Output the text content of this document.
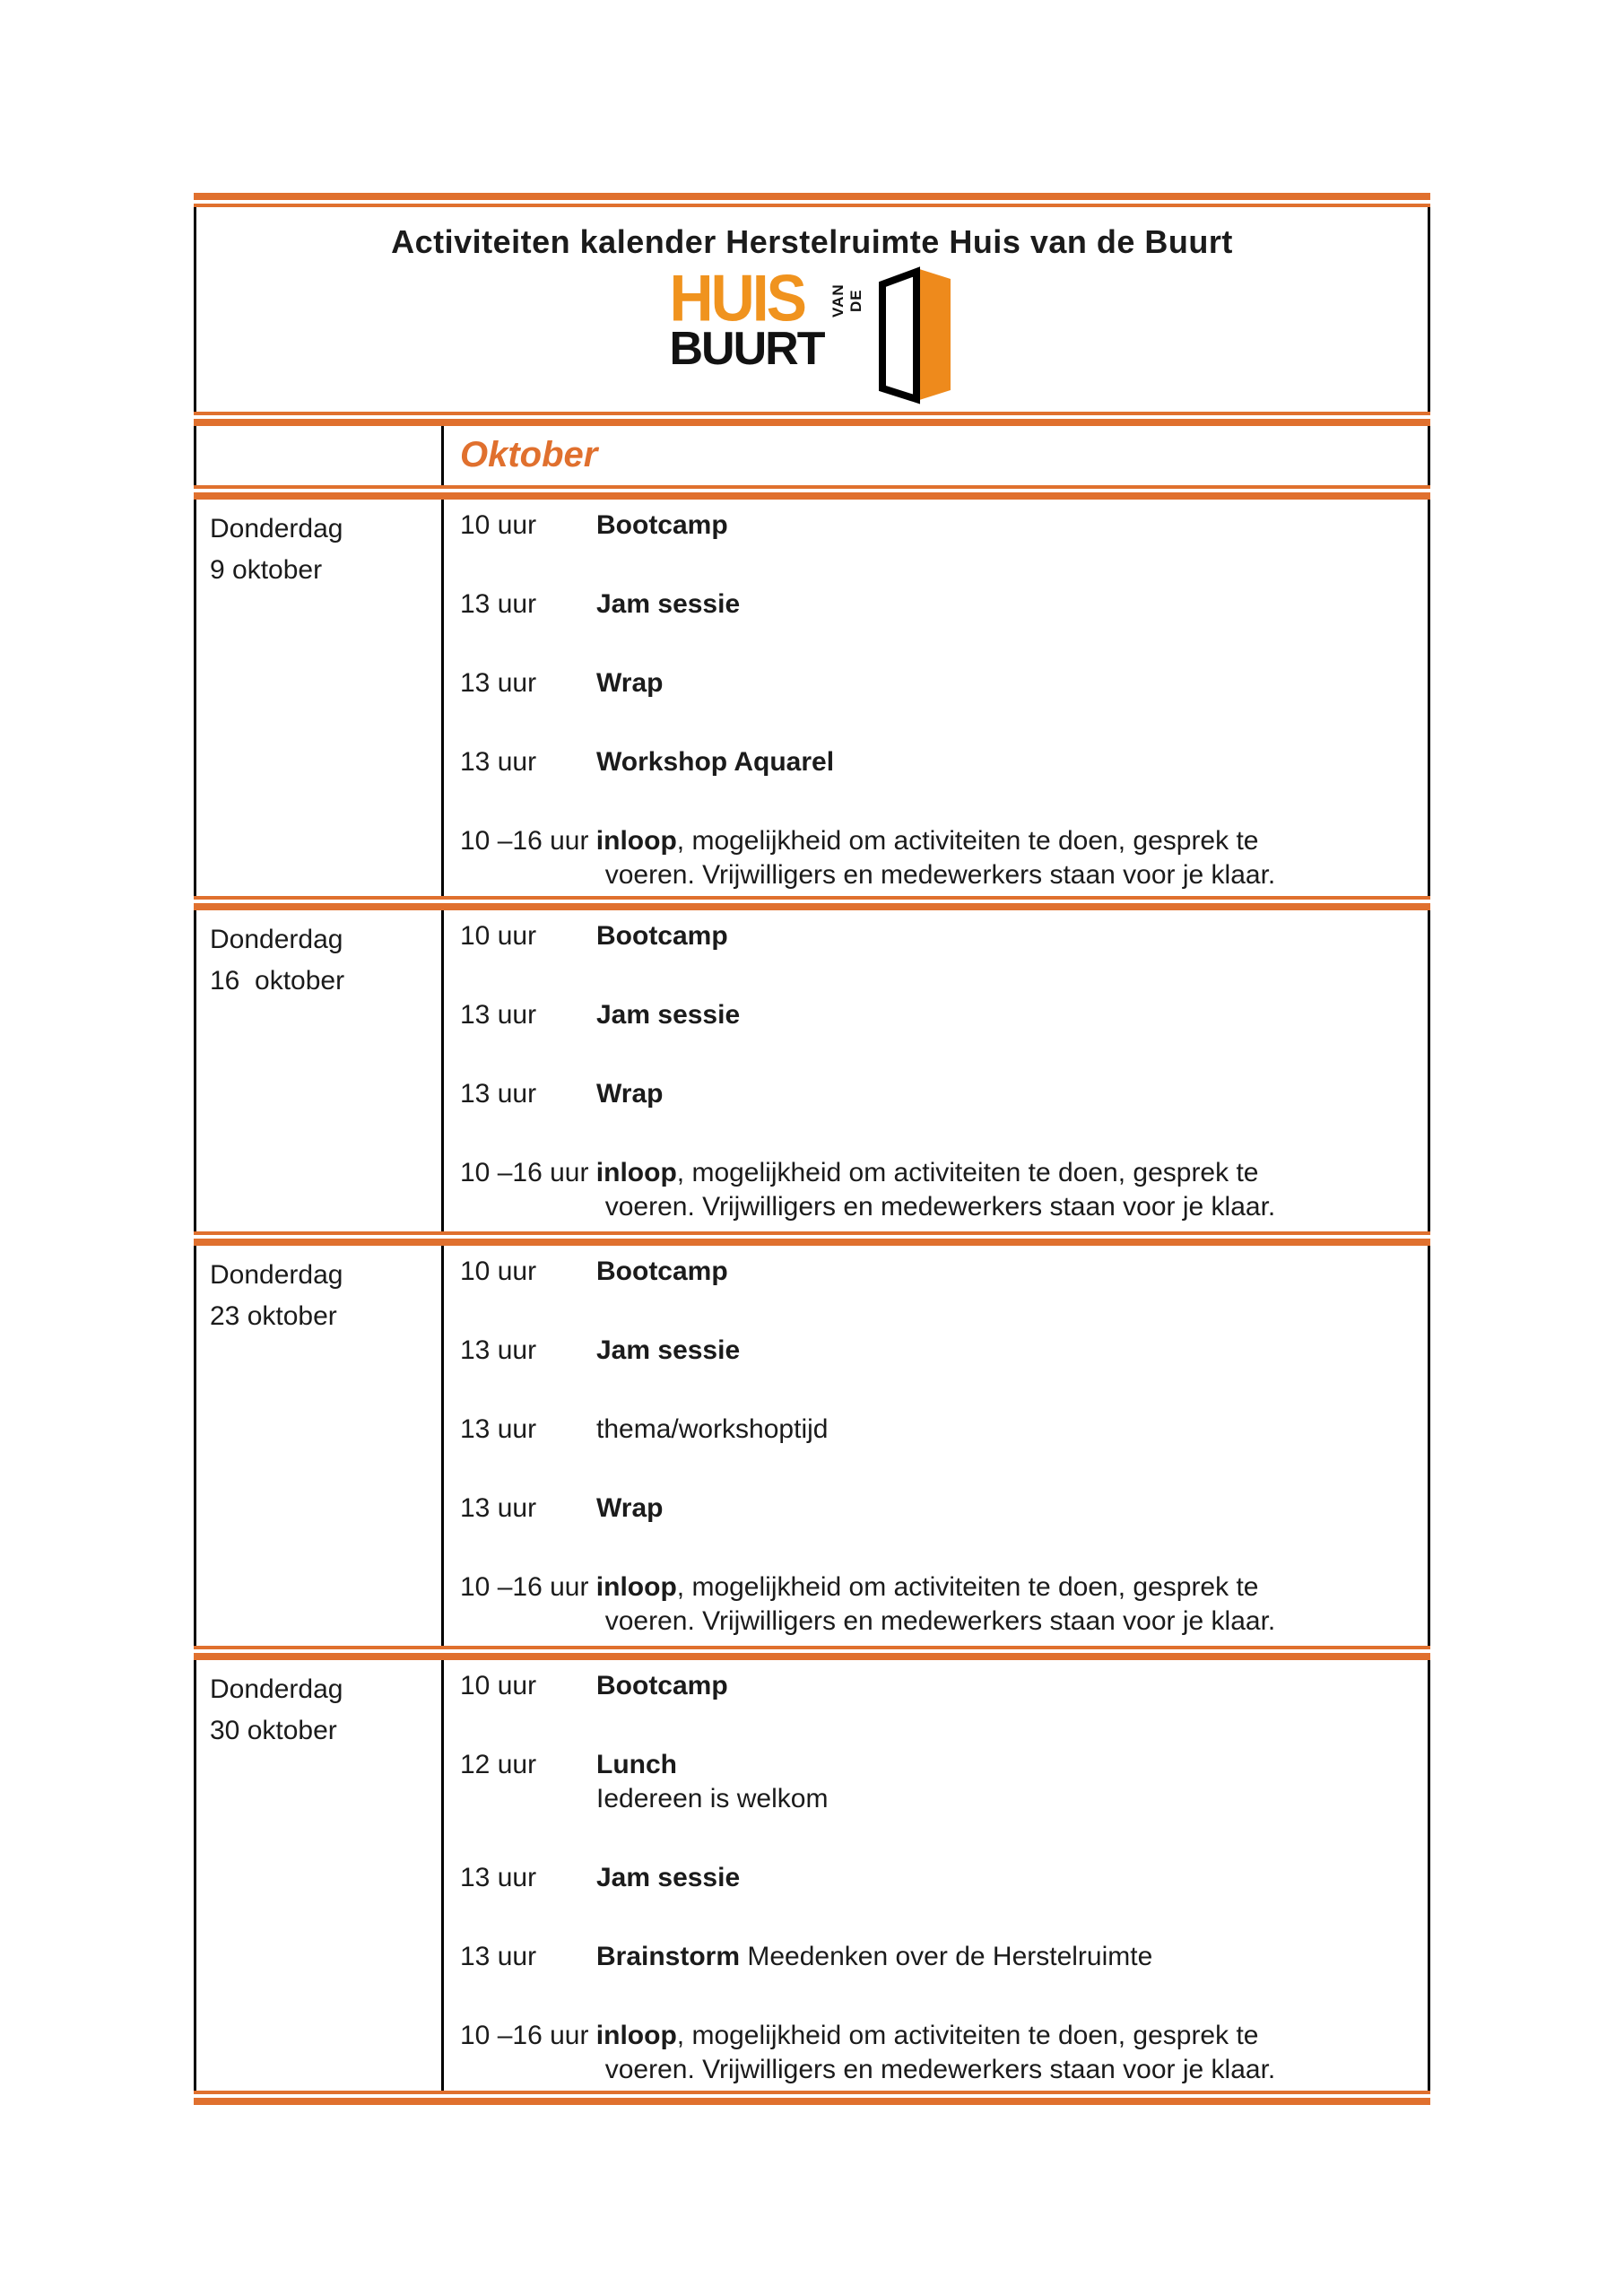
Activiteiten kalender Herstelruimte Huis van de Buurt
HUIS
BUURT
VAN DE
Oktober
Donderdag
9 oktober
10 uur	Bootcamp
13 uur	Jam sessie
13 uur	Wrap
13 uur	Workshop Aquarel
10 –16 uur inloop, mogelijkheid om activiteiten te doen, gesprek te
voeren. Vrijwilligers en medewerkers staan voor je klaar.
Donderdag
16  oktober
10 uur	Bootcamp
13 uur	Jam sessie
13 uur	Wrap
10 –16 uur inloop, mogelijkheid om activiteiten te doen, gesprek te
voeren. Vrijwilligers en medewerkers staan voor je klaar.
Donderdag
23 oktober
10 uur	Bootcamp
13 uur	Jam sessie
13 uur	thema/workshoptijd
13 uur	Wrap
10 –16 uur inloop, mogelijkheid om activiteiten te doen, gesprek te
voeren. Vrijwilligers en medewerkers staan voor je klaar.
Donderdag
30 oktober
10 uur	Bootcamp
12 uur	Lunch
Iedereen is welkom
13 uur	Jam sessie
13 uur	Brainstorm Meedenken over de Herstelruimte
10 –16 uur inloop, mogelijkheid om activiteiten te doen, gesprek te
voeren. Vrijwilligers en medewerkers staan voor je klaar.
